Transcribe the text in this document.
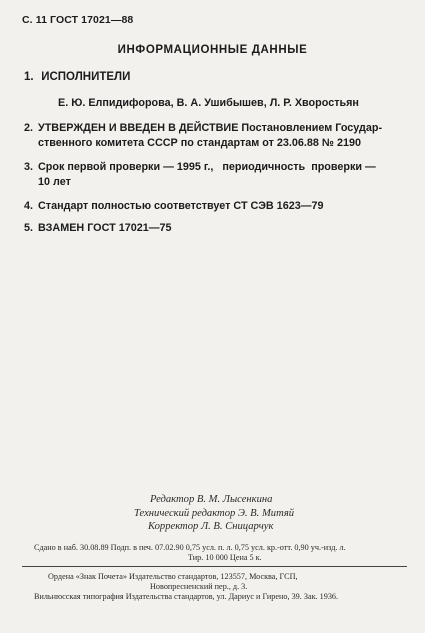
С. 11 ГОСТ 17021—88
ИНФОРМАЦИОННЫЕ ДАННЫЕ
1. ИСПОЛНИТЕЛИ
Е. Ю. Елпидифорова, В. А. Ушибышев, Л. Р. Хворостьян
2. УТВЕРЖДЕН И ВВЕДЕН В ДЕЙСТВИЕ Постановлением Государ-
ственного комитета СССР по стандартам от 23.06.88 № 2190
3. Срок первой проверки — 1995 г.,   периодичность  проверки —
10 лет
4. Стандарт полностью соответствует СТ СЭВ 1623—79
5. ВЗАМЕН ГОСТ 17021—75
Редактор В. М. Лысенкина
Технический редактор Э. В. Митяй
Корректор Л. В. Сницарчук
Сдано в наб. 30.08.89 Подп. в печ. 07.02.90 0,75 усл. п. л. 0,75 усл. кр.-отт. 0,90 уч.-изд. л.
Тир. 10 000 Цена 5 к.
Ордена «Знак Почета» Издательство стандартов, 123557, Москва, ГСП,
Новопресненский пер., д. 3.
Вильнюсская типография Издательства стандартов, ул. Дариус и Гирено, 39. Зак. 1936.
